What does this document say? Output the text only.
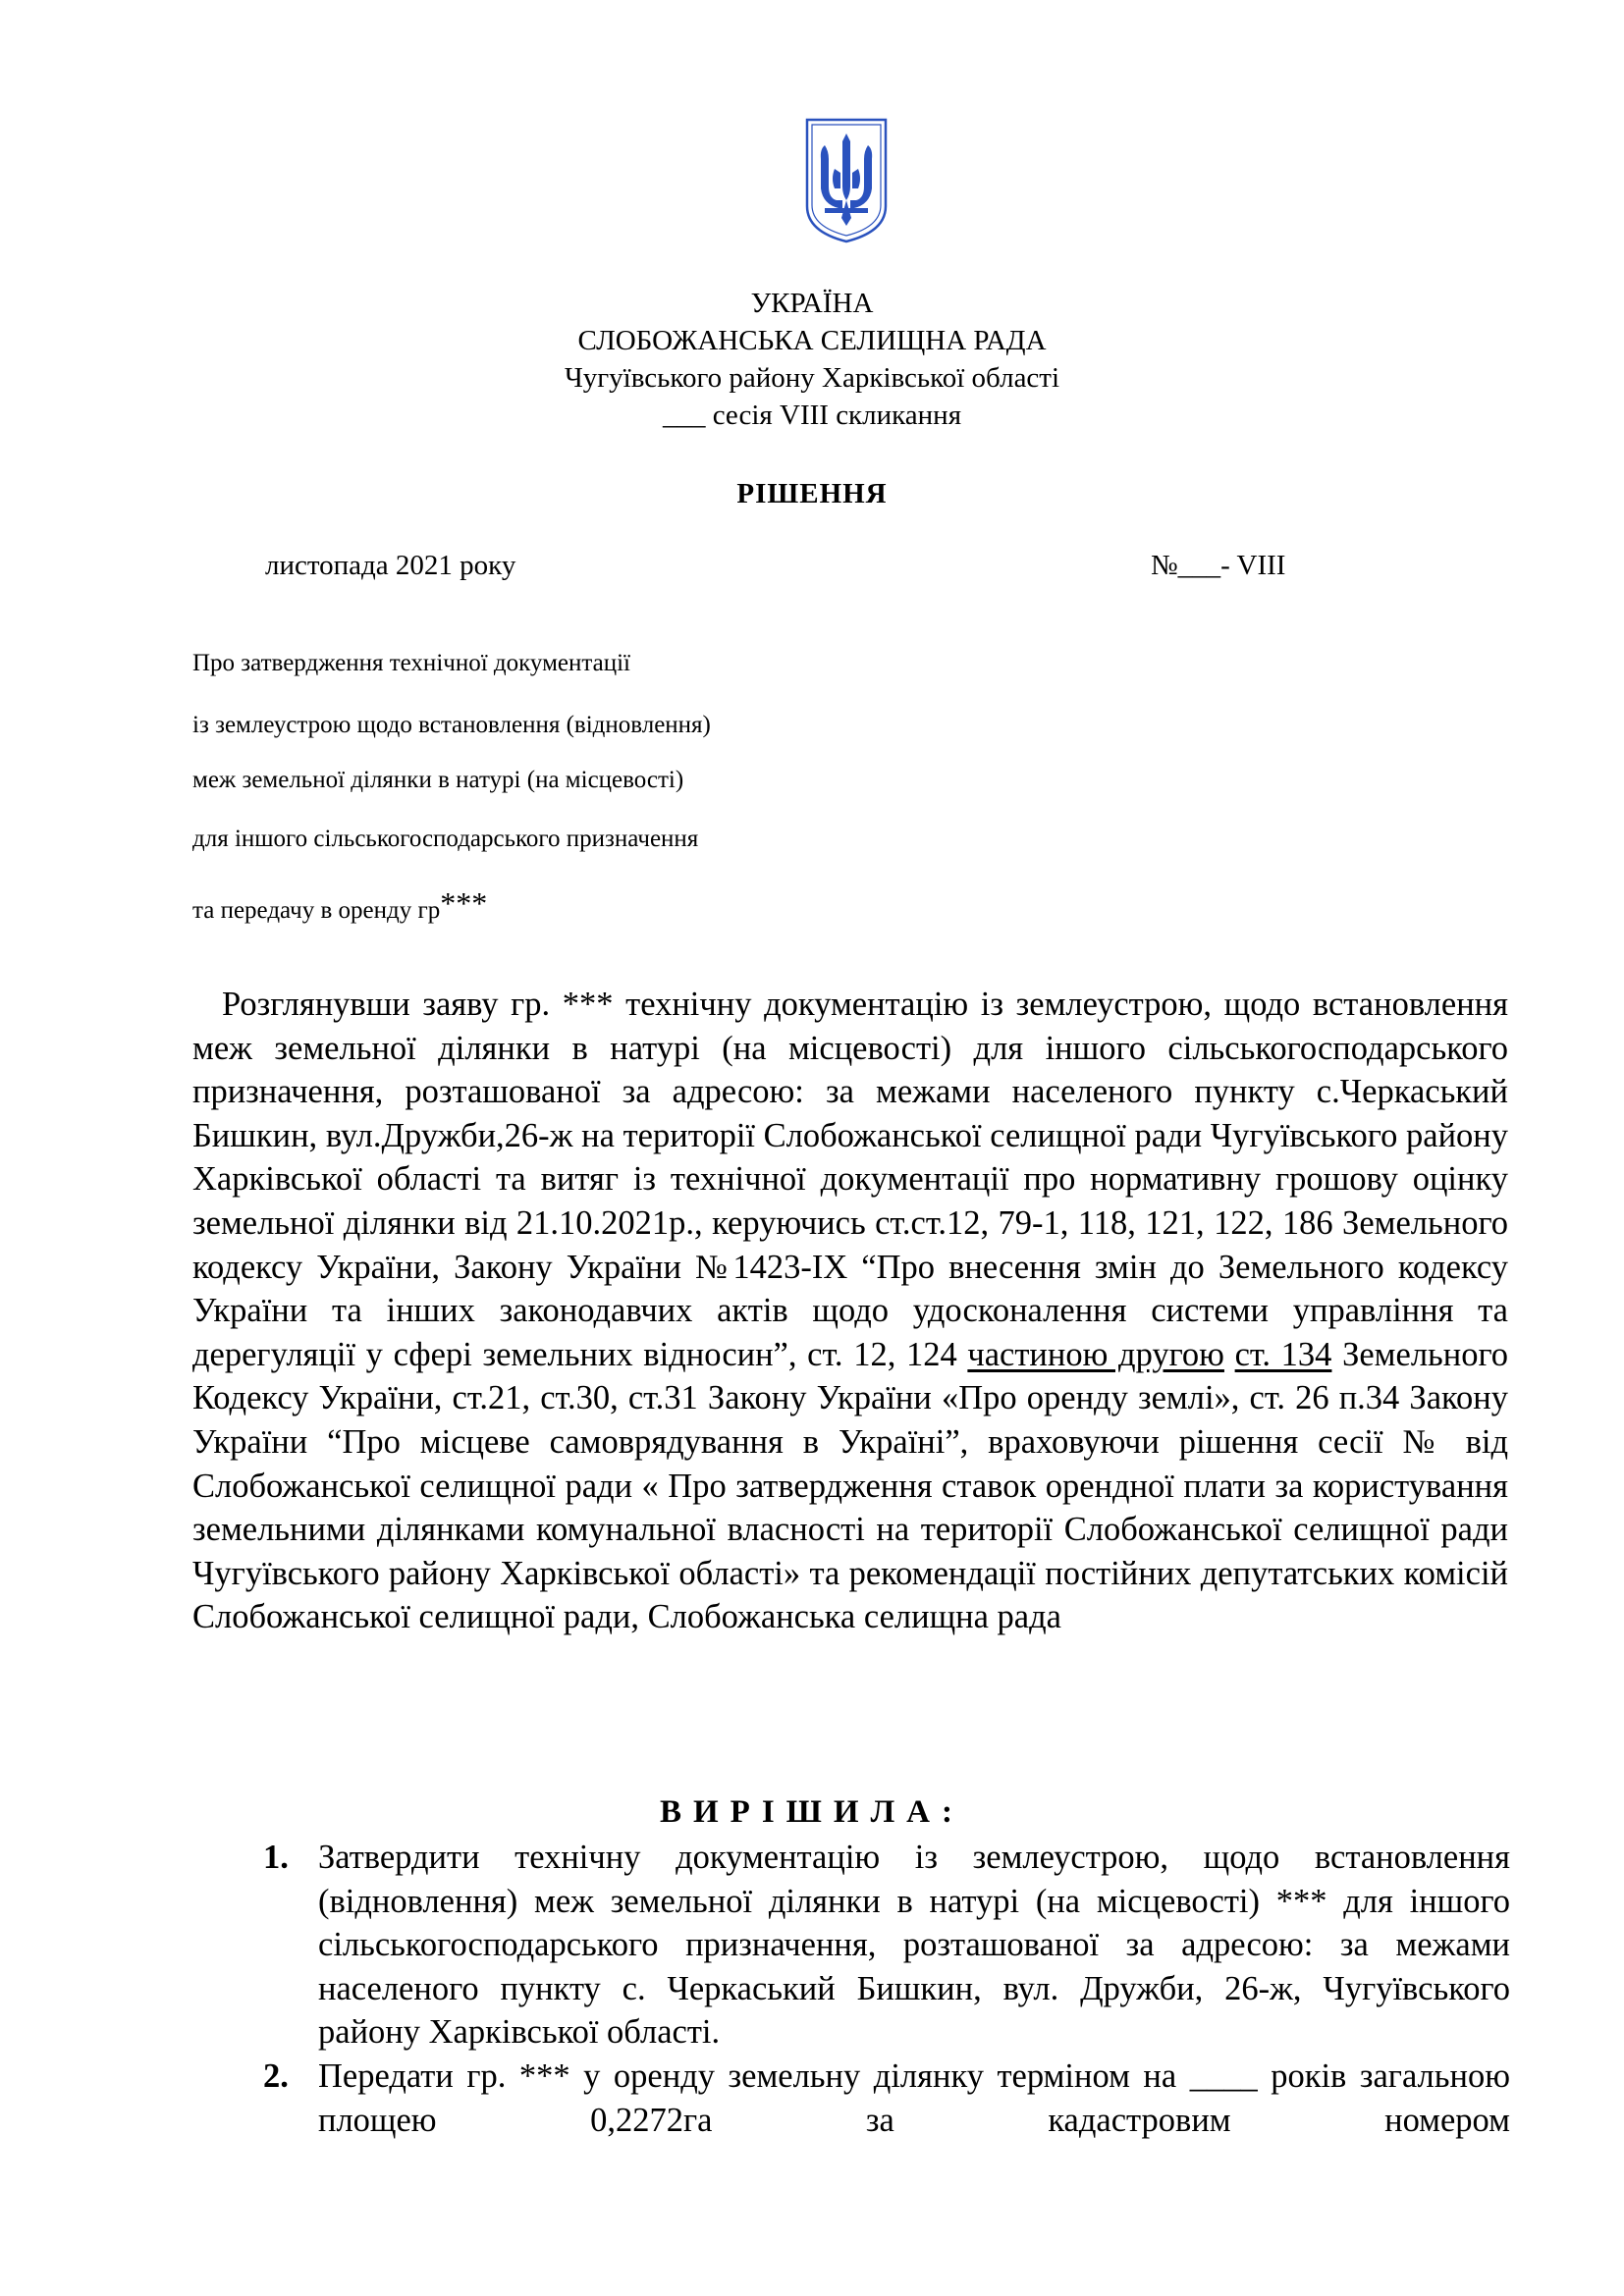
УКРАЇНА
СЛОБОЖАНСЬКА СЕЛИЩНА РАДА
Чугуївського району Харківської області
___ сесія VIII скликання
РІШЕННЯ
листопада 2021 року	№___- VIII
Про затвердження технічної документації
із землеустрою щодо встановлення (відновлення)
меж земельної ділянки в натурі (на місцевості)
для іншого сільськогосподарського призначення
та передачу в оренду гр***
Розглянувши заяву гр. *** технічну документацію із землеустрою, щодо встановлення меж земельної ділянки в натурі (на місцевості) для іншого сільськогосподарського призначення, розташованої за адресою: за межами населеного пункту с.Черкаський Бишкин, вул.Дружби,26-ж на території Слобожанської селищної ради Чугуївського району Харківської області та витяг із технічної документації про нормативну грошову оцінку земельної ділянки від 21.10.2021р., керуючись ст.ст.12, 79-1, 118, 121, 122, 186 Земельного кодексу України, Закону України №1423-IX “Про внесення змін до Земельного кодексу України та інших законодавчих актів щодо удосконалення системи управління та дерегуляції у сфері земельних відносин”, ст. 12, 124 частиною другою ст. 134 Земельного Кодексу України, ст.21, ст.30, ст.31 Закону України «Про оренду землі», ст. 26 п.34 Закону України “Про місцеве самоврядування в Україні”, враховуючи рішення сесії № від Слобожанської селищної ради « Про затвердження ставок орендної плати за користування земельними ділянками комунальної власності на території Слобожанської селищної ради Чугуївського району Харківської області» та рекомендації постійних депутатських комісій Слобожанської селищної ради, Слобожанська селищна рада
ВИРІШИЛА:
1. Затвердити технічну документацію із землеустрою, щодо встановлення (відновлення) меж земельної ділянки в натурі (на місцевості) *** для іншого сільськогосподарського призначення, розташованої за адресою: за межами населеного пункту с. Черкаський Бишкин, вул. Дружби, 26-ж, Чугуївського району Харківської області.
2. Передати гр. *** у оренду земельну ділянку терміном на ____ років загальною площею 0,2272га за кадастровим номером
